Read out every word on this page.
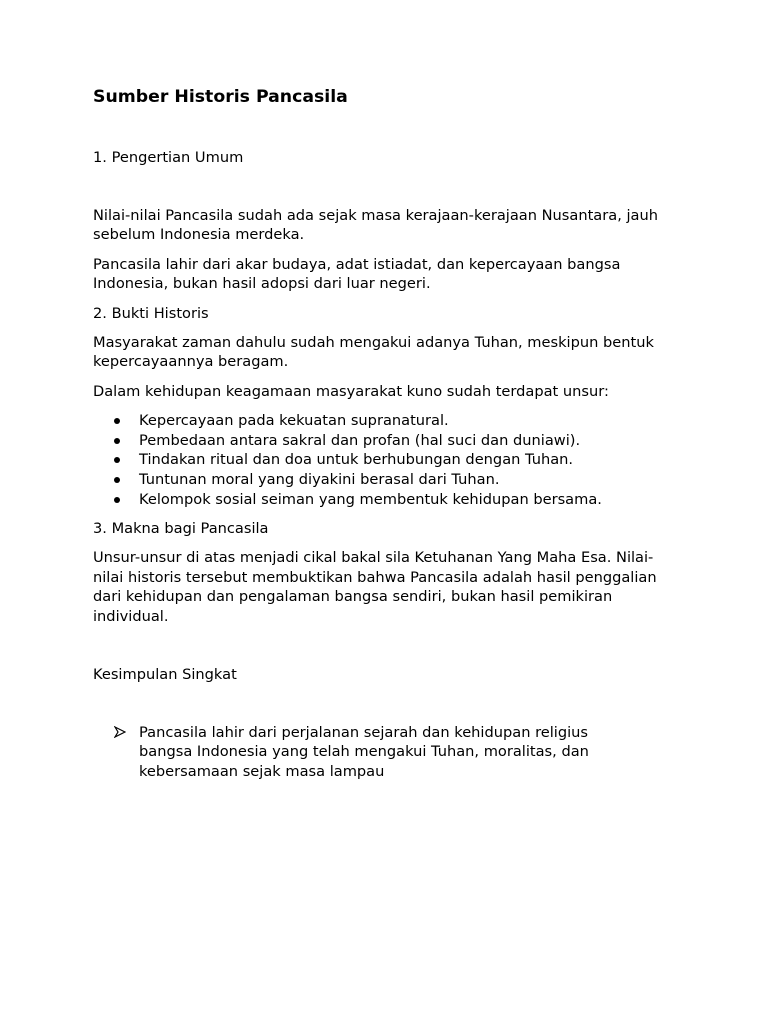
Sumber Historis Pancasila
1. Pengertian Umum

Nilai-nilai Pancasila sudah ada sejak masa kerajaan-kerajaan Nusantara, jauh sebelum Indonesia merdeka.

Pancasila lahir dari akar budaya, adat istiadat, dan kepercayaan bangsa Indonesia, bukan hasil adopsi dari luar negeri.

2. Bukti Historis

Masyarakat zaman dahulu sudah mengakui adanya Tuhan, meskipun bentuk kepercayaannya beragam.

Dalam kehidupan keagamaan masyarakat kuno sudah terdapat unsur:

Kepercayaan pada kekuatan supranatural.
Pembedaan antara sakral dan profan (hal suci dan duniawi).
Tindakan ritual dan doa untuk berhubungan dengan Tuhan.
Tuntunan moral yang diyakini berasal dari Tuhan.
Kelompok sosial seiman yang membentuk kehidupan bersama.
3. Makna bagi Pancasila

Unsur-unsur di atas menjadi cikal bakal sila Ketuhanan Yang Maha Esa. Nilai-nilai historis tersebut membuktikan bahwa Pancasila adalah hasil penggalian dari kehidupan dan pengalaman bangsa sendiri, bukan hasil pemikiran individual.

Kesimpulan Singkat
Pancasila lahir dari perjalanan sejarah dan kehidupan religius bangsa Indonesia yang telah mengakui Tuhan, moralitas, dan kebersamaan sejak masa lampau
